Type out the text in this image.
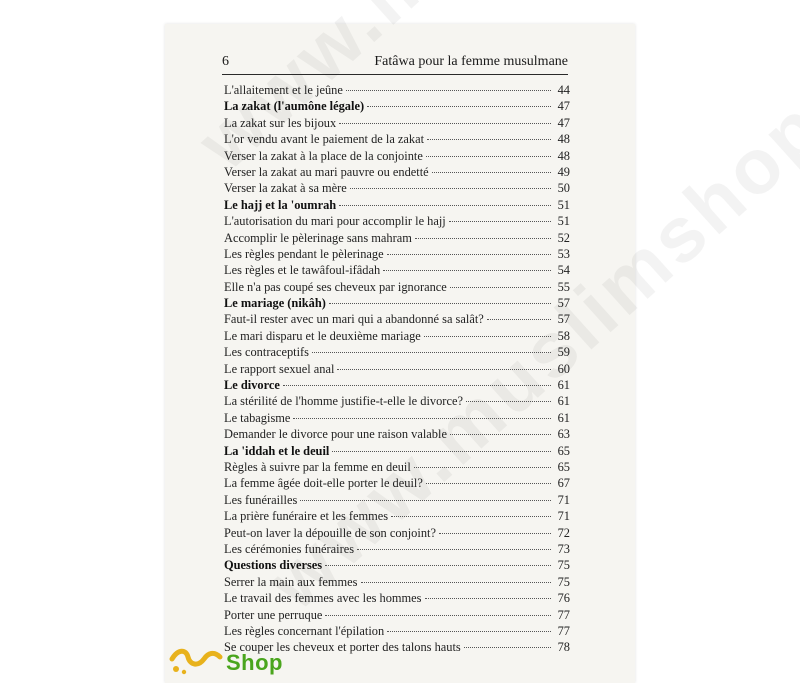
6	Fatâwa pour la femme musulmane
L'allaitement et le jeûne	44
La zakat (l'aumône légale)	47
La zakat sur les bijoux	47
L'or vendu avant le paiement de la zakat	48
Verser la zakat à la place de la conjointe	48
Verser la zakat au mari pauvre ou endetté	49
Verser la zakat à sa mère	50
Le hajj et la 'oumrah	51
L'autorisation du mari pour accomplir le hajj	51
Accomplir le pèlerinage sans mahram	52
Les règles pendant le pèlerinage	53
Les règles et le tawâfoul-ifâdah	54
Elle n'a pas coupé ses cheveux par ignorance	55
Le mariage (nikâh)	57
Faut-il rester avec un mari qui a abandonné sa salât?	57
Le mari disparu et le deuxième mariage	58
Les contraceptifs	59
Le rapport sexuel anal	60
Le divorce	61
La stérilité de l'homme justifie-t-elle le divorce?	61
Le tabagisme	61
Demander le divorce pour une raison valable	63
La 'iddah et le deuil	65
Règles à suivre par la femme en deuil	65
La femme âgée doit-elle porter le deuil?	67
Les funérailles	71
La prière funéraire et les femmes	71
Peut-on laver la dépouille de son conjoint?	72
Les cérémonies funéraires	73
Questions diverses	75
Serrer la main aux femmes	75
Le travail des femmes avec les hommes	76
Porter une perruque	77
Les règles concernant l'épilation	77
Se couper les cheveux et porter des talons hauts	78
Shop
